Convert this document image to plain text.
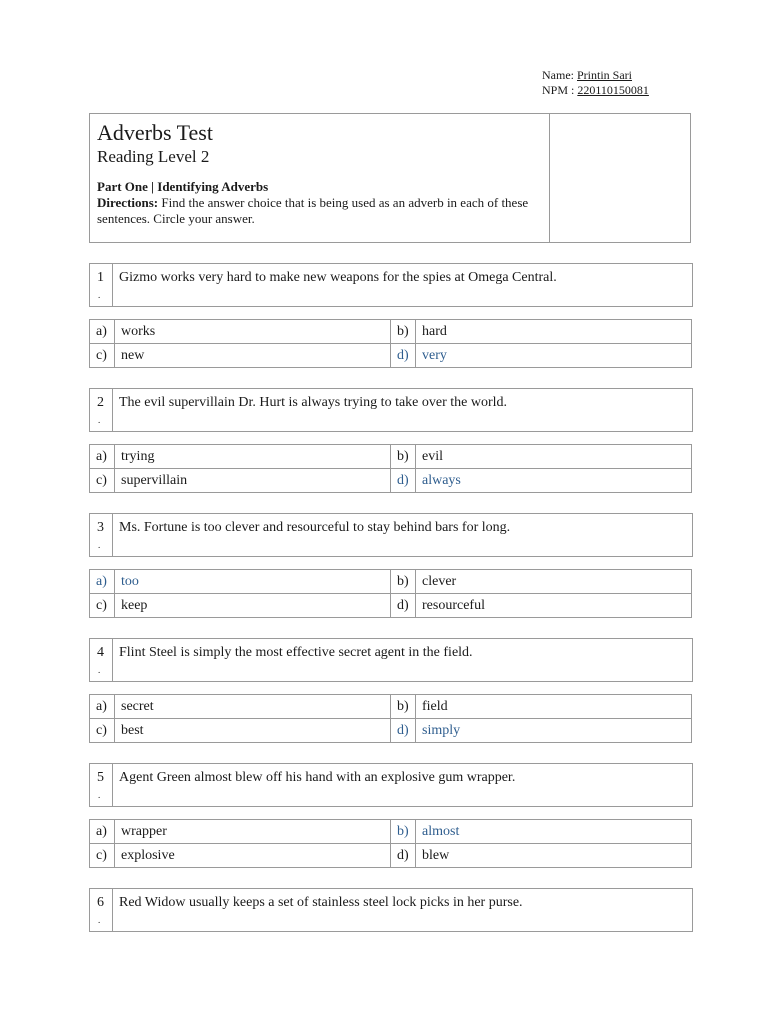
Name: Printin Sari
NPM : 220110150081
Adverbs Test
Reading Level 2
Part One | Identifying Adverbs
Directions: Find the answer choice that is being used as an adverb in each of these sentences. Circle your answer.
1
.
Gizmo works very hard to make new weapons for the spies at Omega Central.
a)	works	b)	hard
c)	new	d)	very
2
.
The evil supervillain Dr. Hurt is always trying to take over the world.
a)	trying	b)	evil
c)	supervillain	d)	always
3
.
Ms. Fortune is too clever and resourceful to stay behind bars for long.
a)	too	b)	clever
c)	keep	d)	resourceful
4
.
Flint Steel is simply the most effective secret agent in the field.
a)	secret	b)	field
c)	best	d)	simply
5
.
Agent Green almost blew off his hand with an explosive gum wrapper.
a)	wrapper	b)	almost
c)	explosive	d)	blew
6
.
Red Widow usually keeps a set of stainless steel lock picks in her purse.
